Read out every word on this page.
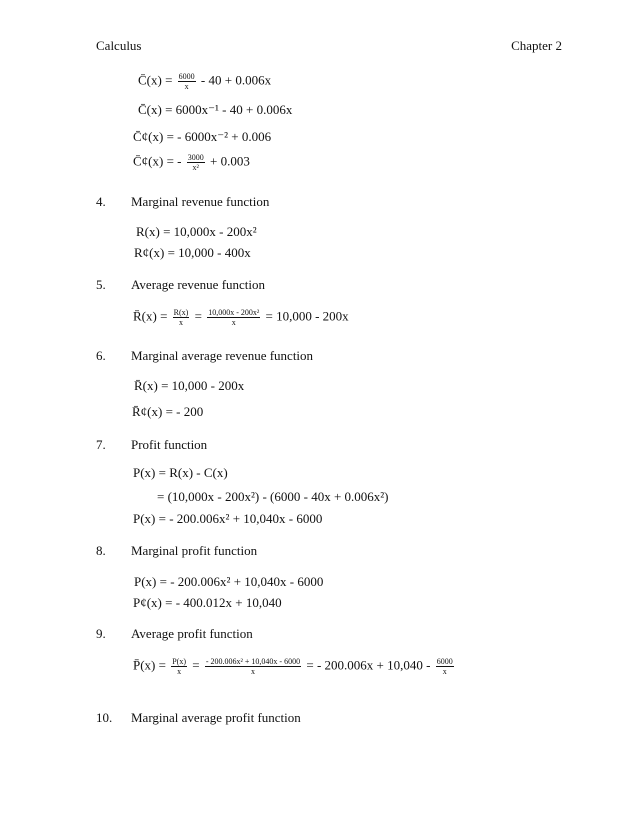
Calculus	Chapter 2
C̄(x) = $\frac{6000}{x} - 40 + 0.006x$
C̄(x) = 6000x⁻¹ - 40 + 0.006x
C̄¢(x) = - 6000x⁻² + 0.006
C̄¢(x) = - $\frac{3000}{\text{x²}} + 0.003$
4. Marginal revenue function
R(x) = 10,000x - 200x²
R¢(x) = 10,000 - 400x
5. Average revenue function
R̄(x) = $\frac{R(x)}{x} = \frac{\text{10,000x - 200x²}}{x} = 10,000 - 200x$
6. Marginal average revenue function
R̄(x) = 10,000 - 200x
R̄¢(x) = - 200
7. Profit function
P(x) = R(x) - C(x)
= (10,000x - 200x²) - (6000 - 40x + 0.006x²)
P(x) = - 200.006x² + 10,040x - 6000
8. Marginal profit function
P(x) = - 200.006x² + 10,040x - 6000
P¢(x) = - 400.012x + 10,040
9. Average profit function
P̄(x) = $\frac{P(x)}{x} = \frac{\text{- 200.006x² + 10,040x - 6000}}{x}$ = - $200.006x + 10,040 - \frac{6000}{x}$
10. Marginal average profit function
